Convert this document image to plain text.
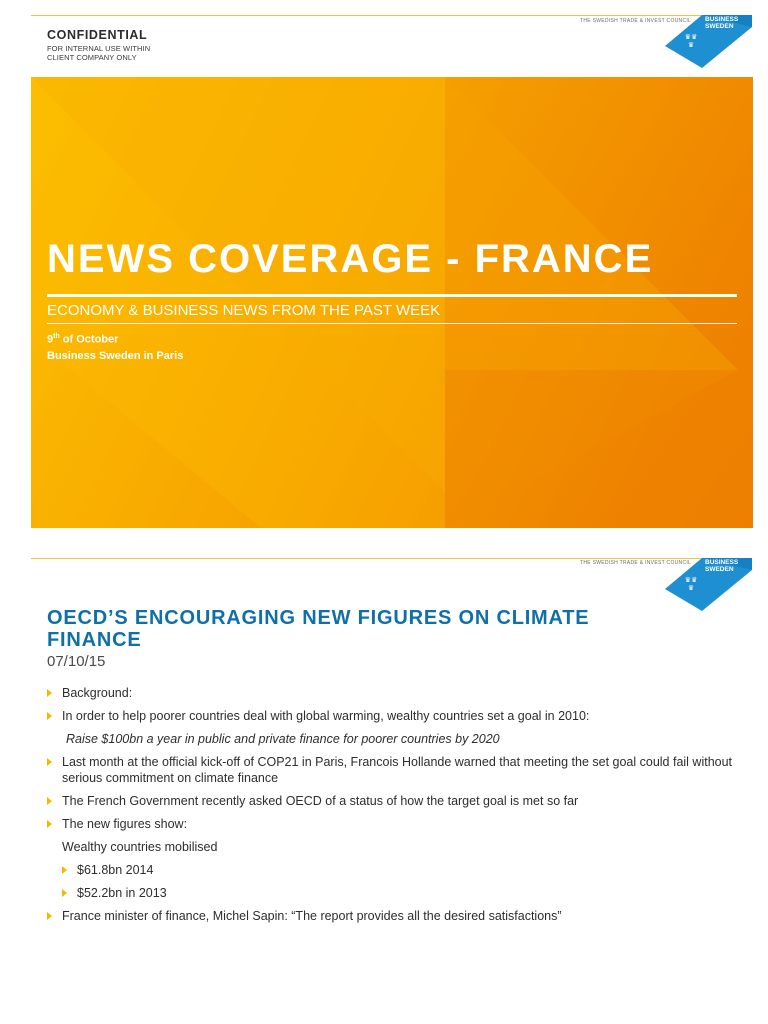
CONFIDENTIAL
FOR INTERNAL USE WITHIN
CLIENT COMPANY ONLY
THE SWEDISH TRADE & INVEST COUNCIL BUSINESS
SWEDEN
♛♛
♛
NEWS COVERAGE - FRANCE
ECONOMY & BUSINESS NEWS FROM THE PAST WEEK
9th of October
Business Sweden in Paris
THE SWEDISH TRADE & INVEST COUNCIL BUSINESS
SWEDEN
♛♛
♛
OECD’S ENCOURAGING NEW FIGURES ON CLIMATE FINANCE
07/10/15
Background:
In order to help poorer countries deal with global warming, wealthy countries set a goal in 2010:
Raise $100bn a year in public and private finance for poorer countries by 2020
Last month at the official kick-off of COP21 in Paris, Francois Hollande warned that meeting the set goal could fail without serious commitment on climate finance
The French Government recently asked OECD of a status of how the target goal is met so far
The new figures show:
Wealthy countries mobilised
$61.8bn 2014
$52.2bn in 2013
France minister of finance, Michel Sapin: “The report provides all the desired satisfactions”
